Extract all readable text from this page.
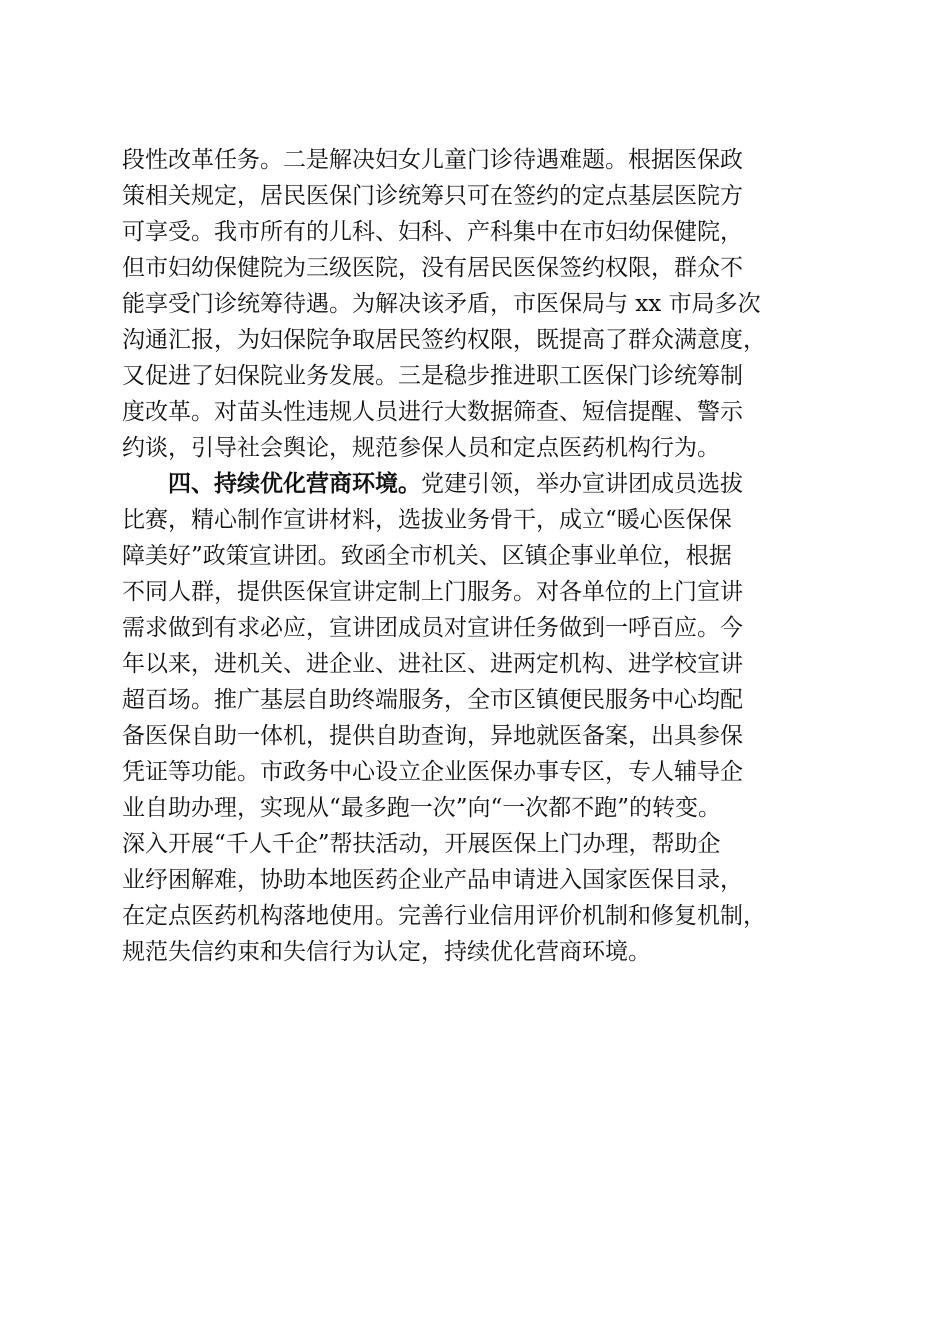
段性改革任务。二是解决妇女儿童门诊待遇难题。根据医保政
策相关规定，居民医保门诊统筹只可在签约的定点基层医院方
可享受。我市所有的儿科、妇科、产科集中在市妇幼保健院，
但市妇幼保健院为三级医院，没有居民医保签约权限，群众不
能享受门诊统筹待遇。为解决该矛盾，市医保局与 xx 市局多次
沟通汇报，为妇保院争取居民签约权限，既提高了群众满意度，
又促进了妇保院业务发展。三是稳步推进职工医保门诊统筹制
度改革。对苗头性违规人员进行大数据筛查、短信提醒、警示
约谈，引导社会舆论，规范参保人员和定点医药机构行为。
四、持续优化营商环境。党建引领，举办宣讲团成员选拔
比赛，精心制作宣讲材料，选拔业务骨干，成立“暖心医保保
障美好”政策宣讲团。致函全市机关、区镇企事业单位，根据
不同人群，提供医保宣讲定制上门服务。对各单位的上门宣讲
需求做到有求必应，宣讲团成员对宣讲任务做到一呼百应。今
年以来，进机关、进企业、进社区、进两定机构、进学校宣讲
超百场。推广基层自助终端服务，全市区镇便民服务中心均配
备医保自助一体机，提供自助查询，异地就医备案，出具参保
凭证等功能。市政务中心设立企业医保办事专区，专人辅导企
业自助办理，实现从“最多跑一次”向“一次都不跑”的转变。
深入开展“千人千企”帮扶活动，开展医保上门办理，帮助企
业纾困解难，协助本地医药企业产品申请进入国家医保目录，
在定点医药机构落地使用。完善行业信用评价机制和修复机制，
规范失信约束和失信行为认定，持续优化营商环境。
